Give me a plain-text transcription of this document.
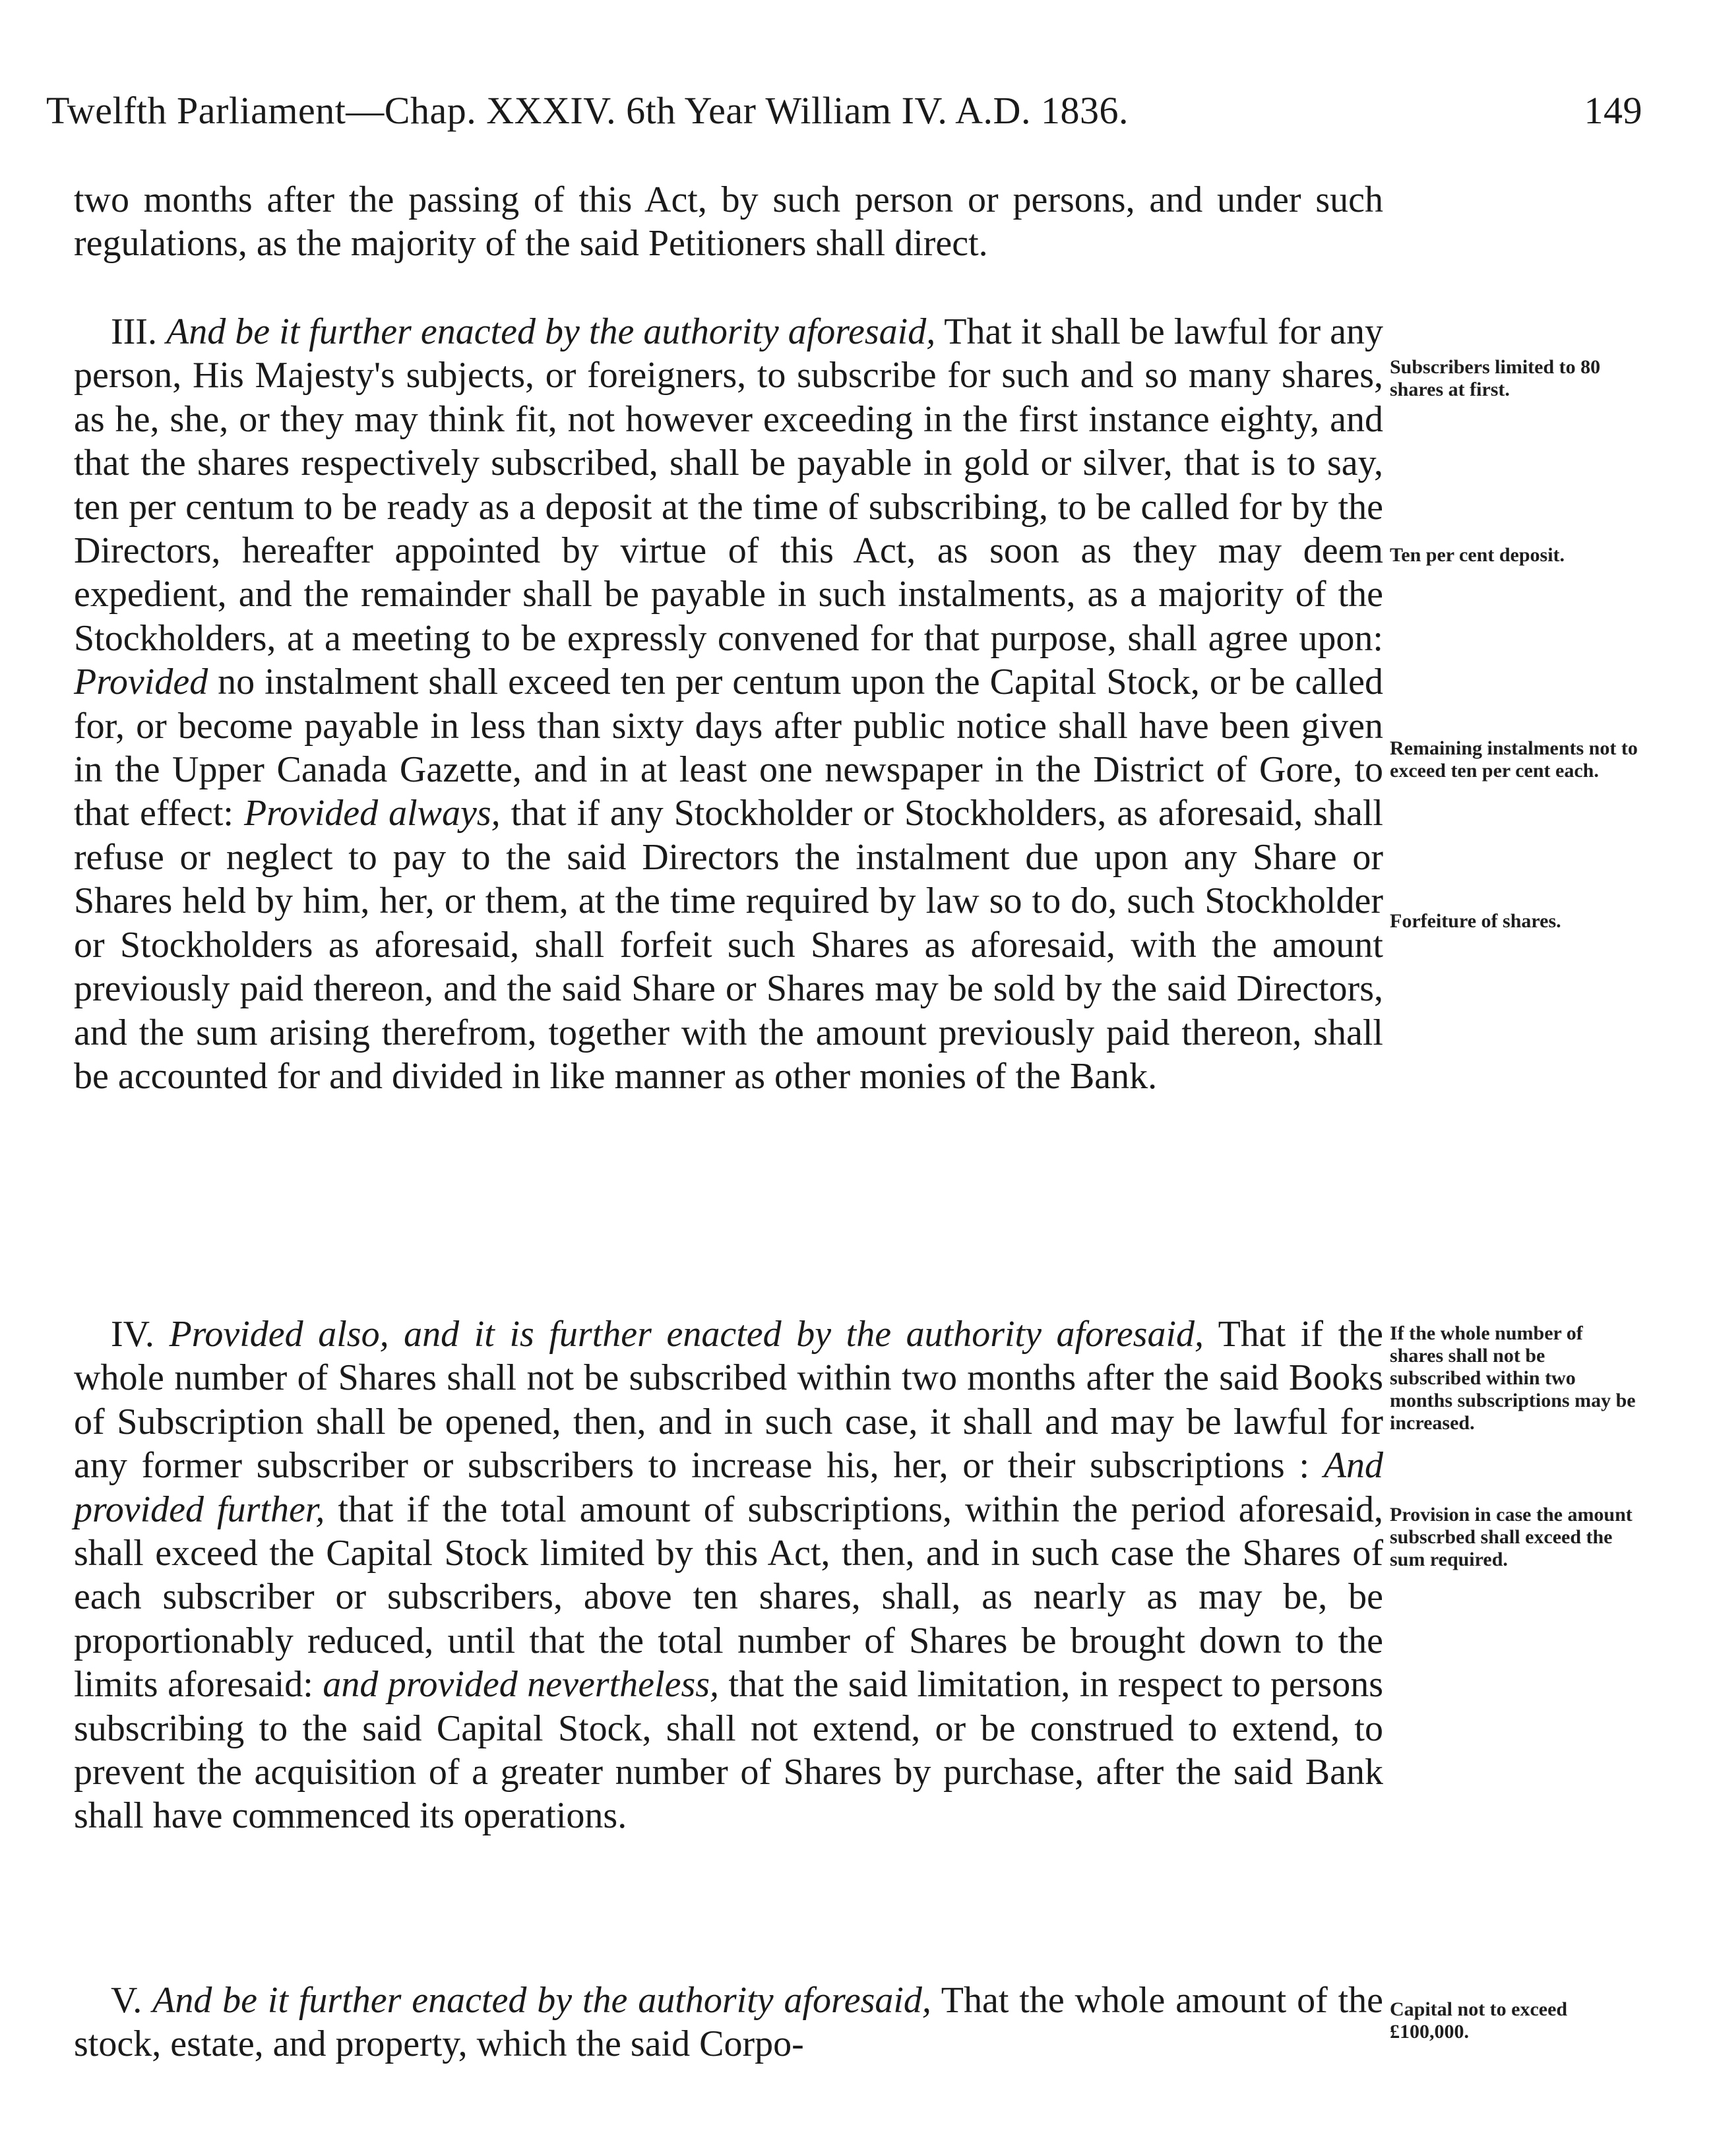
Twelfth Parliament—Chap. XXXIV. 6th Year William IV. A.D. 1836.	149
two months after the passing of this Act, by such person or persons, and under such regulations, as the majority of the said Petitioners shall direct.
III. And be it further enacted by the authority aforesaid, That it shall be lawful for any person, His Majesty's subjects, or foreigners, to subscribe for such and so many shares, as he, she, or they may think fit, not however exceeding in the first instance eighty, and that the shares respectively subscribed, shall be payable in gold or silver, that is to say, ten per centum to be ready as a deposit at the time of subscribing, to be called for by the Directors, hereafter appointed by virtue of this Act, as soon as they may deem expedient, and the remainder shall be payable in such instalments, as a majority of the Stockholders, at a meeting to be expressly convened for that purpose, shall agree upon: Provided no instalment shall exceed ten per centum upon the Capital Stock, or be called for, or become payable in less than sixty days after public notice shall have been given in the Upper Canada Gazette, and in at least one newspaper in the District of Gore, to that effect: Provided always, that if any Stockholder or Stockholders, as aforesaid, shall refuse or neglect to pay to the said Directors the instalment due upon any Share or Shares held by him, her, or them, at the time required by law so to do, such Stockholder or Stockholders as aforesaid, shall forfeit such Shares as aforesaid, with the amount previously paid thereon, and the said Share or Shares may be sold by the said Directors, and the sum arising therefrom, together with the amount previously paid thereon, shall be accounted for and divided in like manner as other monies of the Bank.
IV. Provided also, and it is further enacted by the authority aforesaid, That if the whole number of Shares shall not be subscribed within two months after the said Books of Subscription shall be opened, then, and in such case, it shall and may be lawful for any former subscriber or subscribers to increase his, her, or their subscriptions : And provided further, that if the total amount of subscriptions, within the period aforesaid, shall exceed the Capital Stock limited by this Act, then, and in such case the Shares of each subscriber or subscribers, above ten shares, shall, as nearly as may be, be proportionably reduced, until that the total number of Shares be brought down to the limits aforesaid: and provided nevertheless, that the said limitation, in respect to persons subscribing to the said Capital Stock, shall not extend, or be construed to extend, to prevent the acquisition of a greater number of Shares by purchase, after the said Bank shall have commenced its operations.
V. And be it further enacted by the authority aforesaid, That the whole amount of the stock, estate, and property, which the said Corpo-
Subscribers limited to 80 shares at first.
Ten per cent deposit.
Remaining instalments not to exceed ten per cent each.
Forfeiture of shares.
If the whole number of shares shall not be subscribed within two months subscriptions may be increased.
Provision in case the amount subscrbed shall exceed the sum required.
Capital not to exceed £100,000.
